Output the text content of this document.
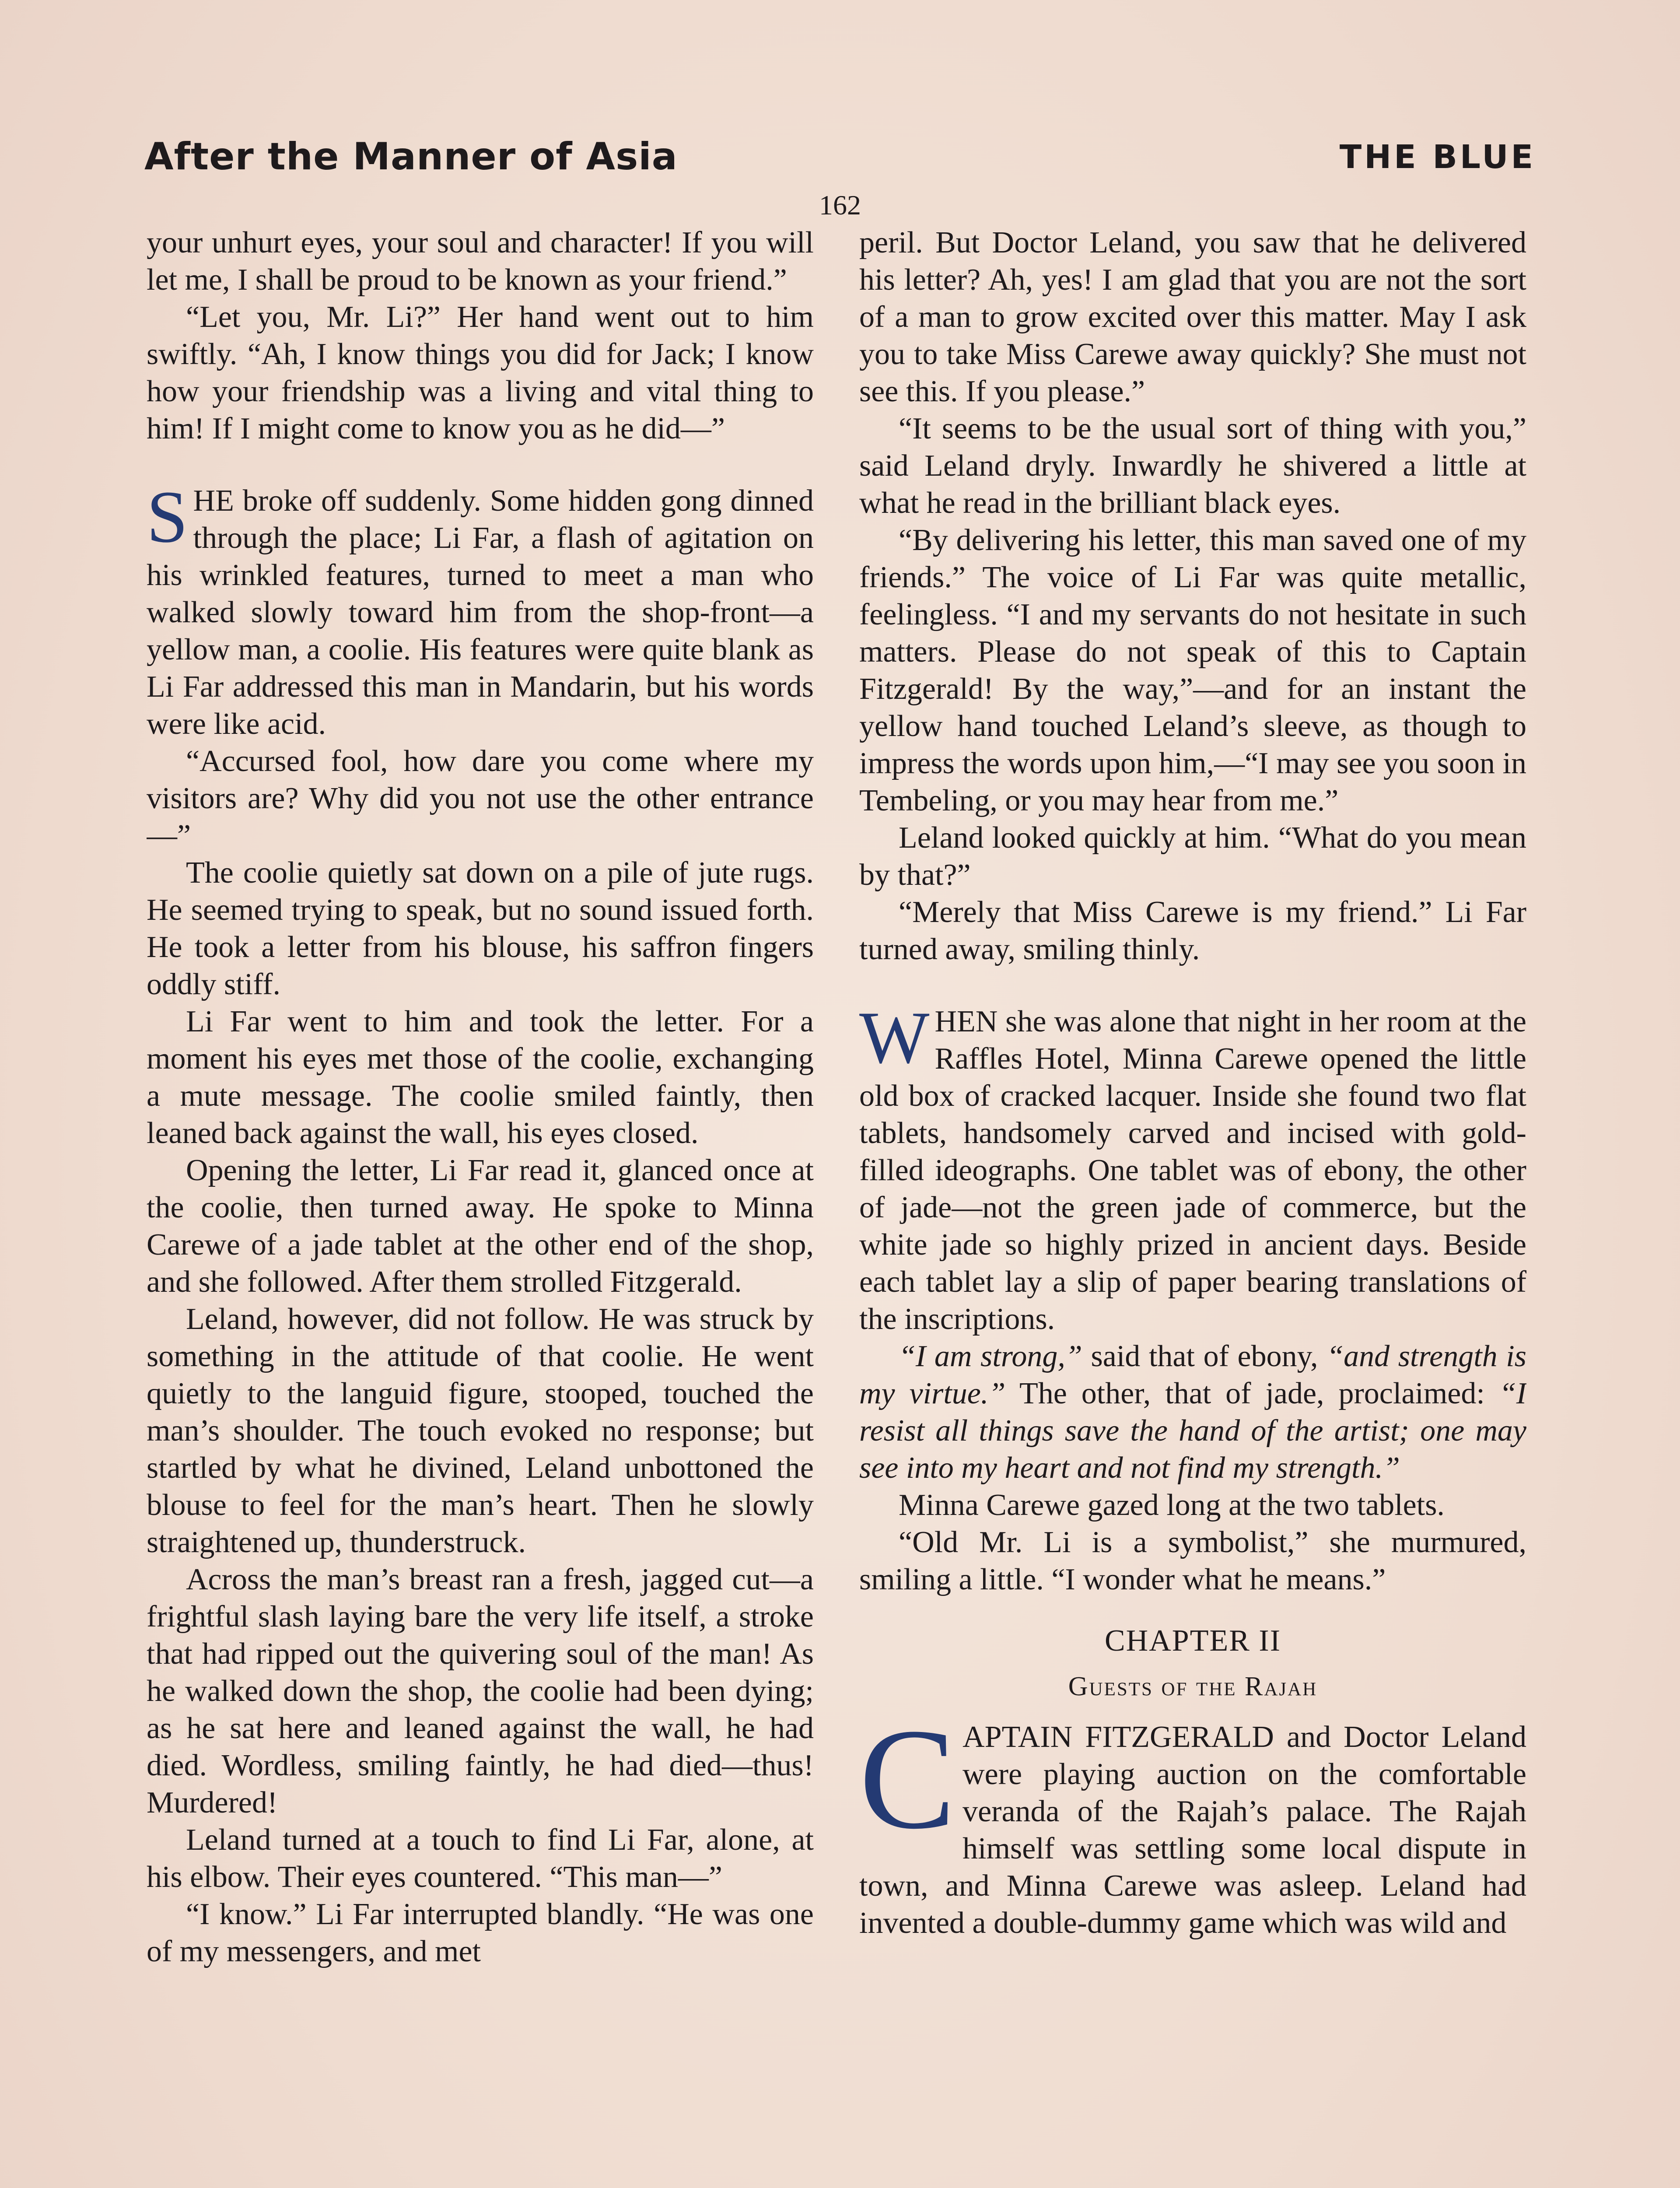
After the Manner of Asia	THE BLUE
162

your unhurt eyes, your soul and character! If you will let me, I shall be proud to be known as your friend.”

“Let you, Mr. Li?” Her hand went out to him swiftly. “Ah, I know things you did for Jack; I know how your friendship was a living and vital thing to him! If I might come to know you as he did—”

SHE broke off suddenly. Some hidden gong dinned through the place; Li Far, a flash of agitation on his wrinkled features, turned to meet a man who walked slowly toward him from the shop-front—a yellow man, a coolie. His features were quite blank as Li Far addressed this man in Mandarin, but his words were like acid.

“Accursed fool, how dare you come where my visitors are? Why did you not use the other entrance—”

The coolie quietly sat down on a pile of jute rugs. He seemed trying to speak, but no sound issued forth. He took a letter from his blouse, his saffron fingers oddly stiff.

Li Far went to him and took the letter. For a moment his eyes met those of the coolie, exchanging a mute message. The coolie smiled faintly, then leaned back against the wall, his eyes closed.

Opening the letter, Li Far read it, glanced once at the coolie, then turned away. He spoke to Minna Carewe of a jade tablet at the other end of the shop, and she followed. After them strolled Fitzgerald.

Leland, however, did not follow. He was struck by something in the attitude of that coolie. He went quietly to the languid figure, stooped, touched the man’s shoulder. The touch evoked no response; but startled by what he divined, Leland unbottoned the blouse to feel for the man’s heart. Then he slowly straightened up, thunderstruck.

Across the man’s breast ran a fresh, jagged cut—a frightful slash laying bare the very life itself, a stroke that had ripped out the quivering soul of the man! As he walked down the shop, the coolie had been dying; as he sat here and leaned against the wall, he had died. Wordless, smiling faintly, he had died—thus! Murdered!

Leland turned at a touch to find Li Far, alone, at his elbow. Their eyes countered. “This man—”

“I know.” Li Far interrupted blandly. “He was one of my messengers, and met

peril. But Doctor Leland, you saw that he delivered his letter? Ah, yes! I am glad that you are not the sort of a man to grow excited over this matter. May I ask you to take Miss Carewe away quickly? She must not see this. If you please.”

“It seems to be the usual sort of thing with you,” said Leland dryly. Inwardly he shivered a little at what he read in the brilliant black eyes.

“By delivering his letter, this man saved one of my friends.” The voice of Li Far was quite metallic, feelingless. “I and my servants do not hesitate in such matters. Please do not speak of this to Captain Fitzgerald! By the way,”—and for an instant the yellow hand touched Leland’s sleeve, as though to impress the words upon him,—“I may see you soon in Tembeling, or you may hear from me.”

Leland looked quickly at him. “What do you mean by that?”

“Merely that Miss Carewe is my friend.” Li Far turned away, smiling thinly.

WHEN she was alone that night in her room at the Raffles Hotel, Minna Carewe opened the little old box of cracked lacquer. Inside she found two flat tablets, handsomely carved and incised with gold-filled ideographs. One tablet was of ebony, the other of jade—not the green jade of commerce, but the white jade so highly prized in ancient days. Beside each tablet lay a slip of paper bearing translations of the inscriptions.

“I am strong,” said that of ebony, “and strength is my virtue.” The other, that of jade, proclaimed: “I resist all things save the hand of the artist; one may see into my heart and not find my strength.”

Minna Carewe gazed long at the two tablets.

“Old Mr. Li is a symbolist,” she murmured, smiling a little. “I wonder what he means.”

CHAPTER II
Guests of the Rajah

CAPTAIN FITZGERALD and Doctor Leland were playing auction on the comfortable veranda of the Rajah’s palace. The Rajah himself was settling some local dispute in town, and Minna Carewe was asleep. Leland had invented a double-dummy game which was wild and
